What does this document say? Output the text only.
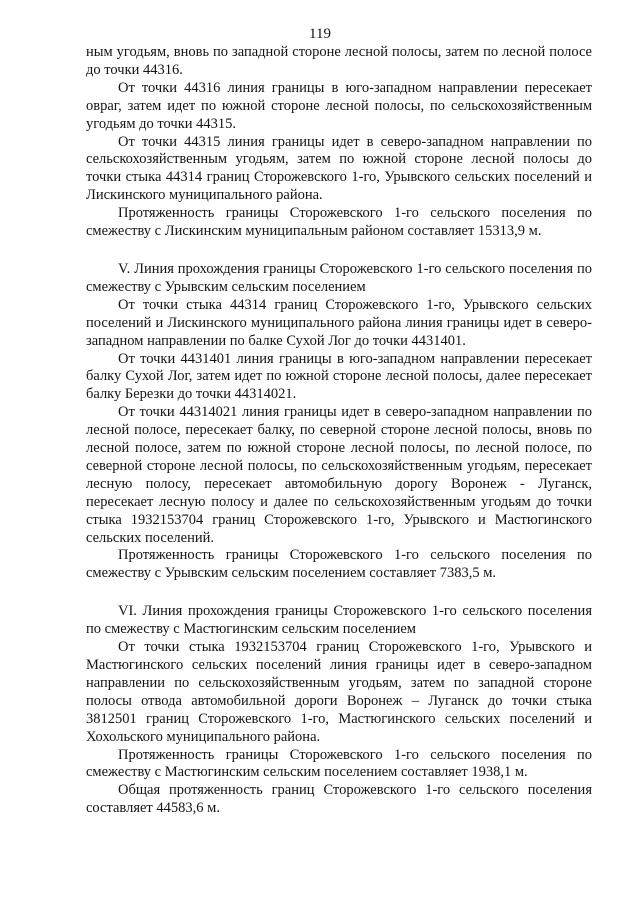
119

ным угодьям, вновь по западной стороне лесной полосы, затем по лесной полосе до точки 44316.

От точки 44316 линия границы в юго-западном направлении пересекает овраг, затем идет по южной стороне лесной полосы, по сельскохозяйственным угодьям до точки 44315.

От точки 44315 линия границы идет в северо-западном направлении по сельскохозяйственным угодьям, затем по южной стороне лесной полосы до точки стыка 44314 границ Сторожевского 1-го, Урывского сельских поселений и Лискинского муниципального района.

Протяженность границы Сторожевского 1-го сельского поселения по смежеству с Лискинским муниципальным районом составляет 15313,9 м.

V. Линия прохождения границы Сторожевского 1-го сельского поселения по смежеству с Урывским сельским поселением

От точки стыка 44314 границ Сторожевского 1-го, Урывского сельских поселений и Лискинского муниципального района линия границы идет в северо-западном направлении по балке Сухой Лог до точки 4431401.

От точки 4431401 линия границы в юго-западном направлении пересекает балку Сухой Лог, затем идет по южной стороне лесной полосы, далее пересекает балку Березки до точки 44314021.

От точки 44314021 линия границы идет в северо-западном направлении по лесной полосе, пересекает балку, по северной стороне лесной полосы, вновь по лесной полосе, затем по южной стороне лесной полосы, по лесной полосе, по северной стороне лесной полосы, по сельскохозяйственным угодьям, пересекает лесную полосу, пересекает автомобильную дорогу Воронеж - Луганск, пересекает лесную полосу и далее по сельскохозяйственным угодьям до точки стыка 1932153704 границ Сторожевского 1-го, Урывского и Мастюгинского сельских поселений.

Протяженность границы Сторожевского 1-го сельского поселения по смежеству с Урывским сельским поселением составляет 7383,5 м.

VI. Линия прохождения границы Сторожевского 1-го сельского поселения по смежеству с Мастюгинским сельским поселением

От точки стыка 1932153704 границ Сторожевского 1-го, Урывского и Мастюгинского сельских поселений линия границы идет в северо-западном направлении по сельскохозяйственным угодьям, затем по западной стороне полосы отвода автомобильной дороги Воронеж – Луганск до точки стыка 3812501 границ Сторожевского 1-го, Мастюгинского сельских поселений и Хохольского муниципального района.

Протяженность границы Сторожевского 1-го сельского поселения по смежеству с Мастюгинским сельским поселением составляет 1938,1 м.

Общая протяженность границ Сторожевского 1-го сельского поселения составляет 44583,6 м.
